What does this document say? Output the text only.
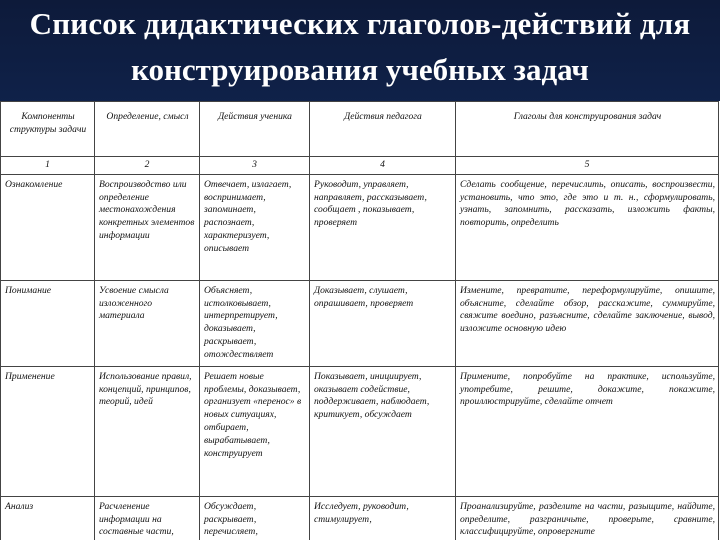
Список дидактических глаголов-действий для
конструирования учебных задач
Компоненты структуры задачи	Определение, смысл	Действия ученика	Действия педагога	Глаголы для конструирования задач
1	2	3	4	5
Ознакомление	Воспроизводство или определение местонахождения конкретных элементов информации	Отвечает, излагает, воспринимает, запоминает, распознает, характеризует, описывает	Руководит, управляет, направляет, рассказывает, сообщает , показывает, проверяет	Сделать сообщение, перечислить, описать, воспроизвести, установить, что это, где это и т. н., сформулировать, узнать, запомнить, рассказать, изложить факты, повторить, определить
Понимание	Усвоение смысла изложенного материала	Объясняет, истолковывает, интерпретирует, доказывает, раскрывает, отождествляет	Доказывает, слушает, опрашивает, проверяет	Измените, превратите, переформулируйте, опишите, объясните, сделайте обзор, расскажите, суммируйте, свяжите воедино, разъясните, сделайте заключение, вывод, изложите основную идею
Применение	Использование правил, концепций, принципов, теорий, идей	Решает новые проблемы, доказывает, организует «перенос» в новых ситуациях, отбирает, вырабатывает, конструирует	Показывает, инициирует, оказывает содействие, поддерживает, наблюдает, критикует, обсуждает	Примените, попробуйте на практике, используйте, употребите, решите, докажите, покажите, проиллюстрируйте, сделайте отчет
Анализ	Расчленение информации на составные части,	Обсуждает, раскрывает, перечисляет,	Исследует, руководит, стимулирует,	Проанализируйте, разделите на части, разыщите, найдите, определите, разграничьте, проверьте, сравните, классифицируйте, опровергните
